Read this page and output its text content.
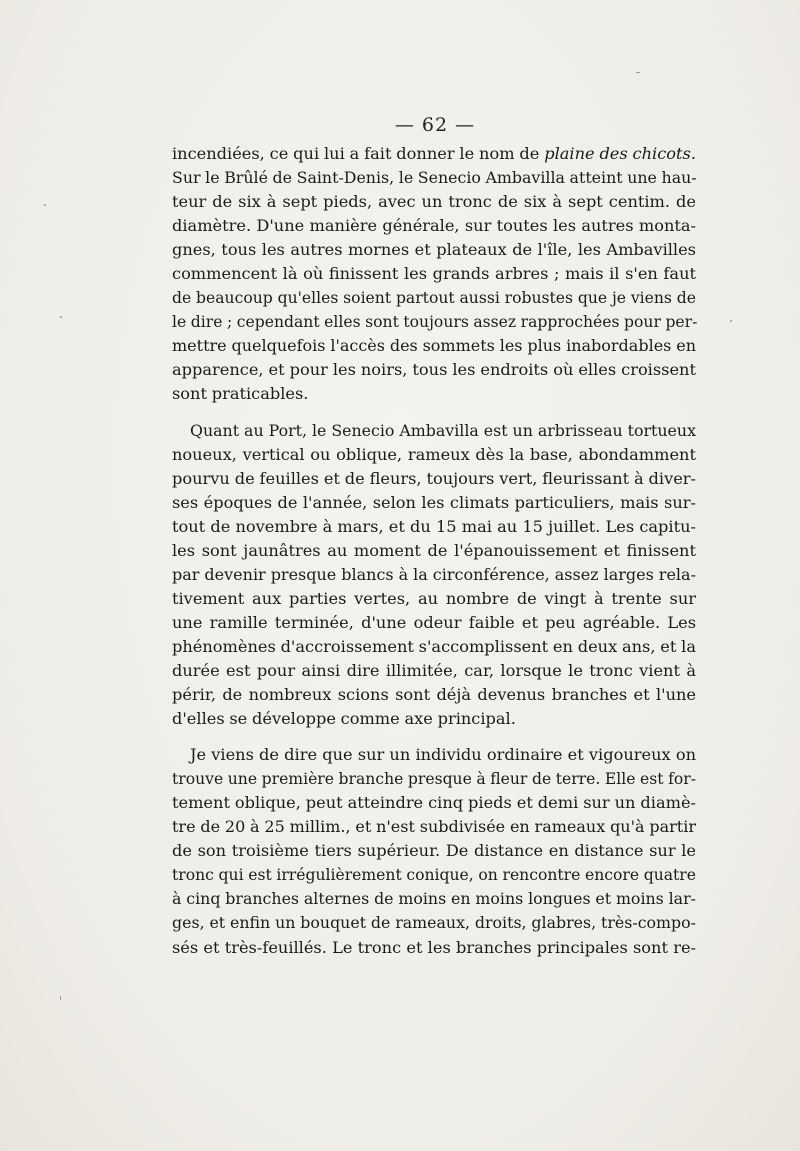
— 62 —
incendiées, ce qui lui a fait donner le nom de plaine des chicots.
Sur le Brûlé de Saint-Denis, le Senecio Ambavilla atteint une hau-
teur de six à sept pieds, avec un tronc de six à sept centim. de
diamètre. D'une manière générale, sur toutes les autres monta-
gnes, tous les autres mornes et plateaux de l'île, les Ambavilles
commencent là où finissent les grands arbres ; mais il s'en faut
de beaucoup qu'elles soient partout aussi robustes que je viens de
le dire ; cependant elles sont toujours assez rapprochées pour per-
mettre quelquefois l'accès des sommets les plus inabordables en
apparence, et pour les noirs, tous les endroits où elles croissent
sont praticables.
Quant au Port, le Senecio Ambavilla est un arbrisseau tortueux
noueux, vertical ou oblique, rameux dès la base, abondamment
pourvu de feuilles et de fleurs, toujours vert, fleurissant à diver-
ses époques de l'année, selon les climats particuliers, mais sur-
tout de novembre à mars, et du 15 mai au 15 juillet. Les capitu-
les sont jaunâtres au moment de l'épanouissement et finissent
par devenir presque blancs à la circonférence, assez larges rela-
tivement aux parties vertes, au nombre de vingt à trente sur
une ramille terminée, d'une odeur faible et peu agréable. Les
phénomènes d'accroissement s'accomplissent en deux ans, et la
durée est pour ainsi dire illimitée, car, lorsque le tronc vient à
périr, de nombreux scions sont déjà devenus branches et l'une
d'elles se développe comme axe principal.
Je viens de dire que sur un individu ordinaire et vigoureux on
trouve une première branche presque à fleur de terre. Elle est for-
tement oblique, peut atteindre cinq pieds et demi sur un diamè-
tre de 20 à 25 millim., et n'est subdivisée en rameaux qu'à partir
de son troisième tiers supérieur. De distance en distance sur le
tronc qui est irrégulièrement conique, on rencontre encore quatre
à cinq branches alternes de moins en moins longues et moins lar-
ges, et enfin un bouquet de rameaux, droits, glabres, très-compo-
sés et très-feuillés. Le tronc et les branches principales sont re-
